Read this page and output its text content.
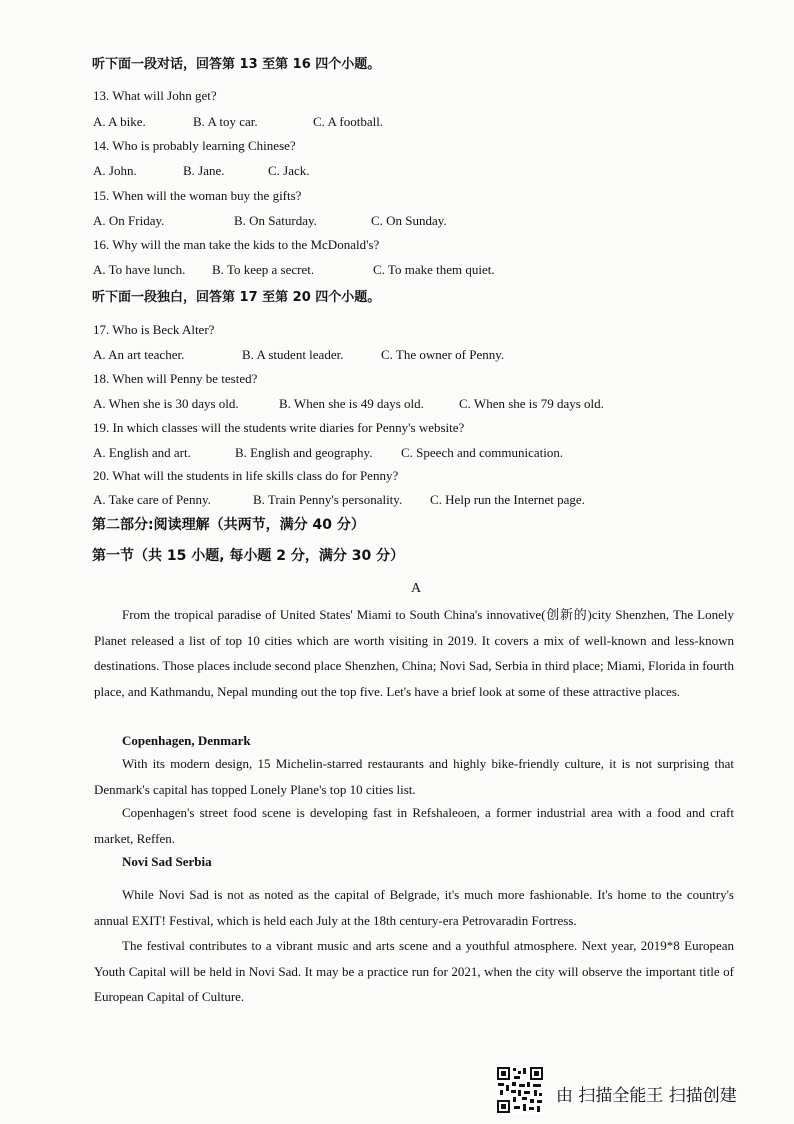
听下面一段对话，回答第 13 至第 16 四个小题。
13. What will John get?
A. A bike.	B. A toy car.	C. A football.
14. Who is probably learning Chinese?
A. John.	B. Jane.	C. Jack.
15. When will the woman buy the gifts?
A. On Friday.	B. On Saturday.	C. On Sunday.
16. Why will the man take the kids to the McDonald's?
A. To have lunch. B. To keep a secret.	C. To make them quiet.
听下面一段独白，回答第 17 至第 20 四个小题。
17. Who is Beck Alter?
A. An art teacher.	B. A student leader.	C. The owner of Penny.
18. When will Penny be tested?
A. When she is 30 days old.	B. When she is 49 days old.	C. When she is 79 days old.
19. In which classes will the students write diaries for Penny's website?
A. English and art.	B. English and geography. C. Speech and communication.
20. What will the students in life skills class do for Penny?
A. Take care of Penny.	B. Train Penny's personality. C. Help run the Internet page.
第二部分:阅读理解（共两节，满分 40 分）
第一节（共 15 小题, 每小题 2 分，满分 30 分）
A

From the tropical paradise of United States' Miami to South China's innovative(创新的)city Shenzhen, The Lonely Planet released a list of top 10 cities which are worth visiting in 2019. It covers a mix of well-known and less-known destinations. Those places include second place Shenzhen, China; Novi Sad, Serbia in third place; Miami, Florida in fourth place, and Kathmandu, Nepal munding out the top five. Let's have a brief look at some of these attractive places.

Copenhagen, Denmark

With its modern design, 15 Michelin-starred restaurants and highly bike-friendly culture, it is not surprising that Denmark's capital has topped Lonely Plane's top 10 cities list.

Copenhagen's street food scene is developing fast in Refshaleoen, a former industrial area with a food and craft market, Reffen.

Novi Sad Serbia

While Novi Sad is not as noted as the capital of Belgrade, it's much more fashionable. It's home to the country's annual EXIT! Festival, which is held each July at the 18th century-era Petrovaradin Fortress.

The festival contributes to a vibrant music and arts scene and a youthful atmosphere. Next year, 2019*8 European Youth Capital will be held in Novi Sad. It may be a practice run for 2021, when the city will observe the important title of European Capital of Culture.

由 扫描全能王 扫描创建
